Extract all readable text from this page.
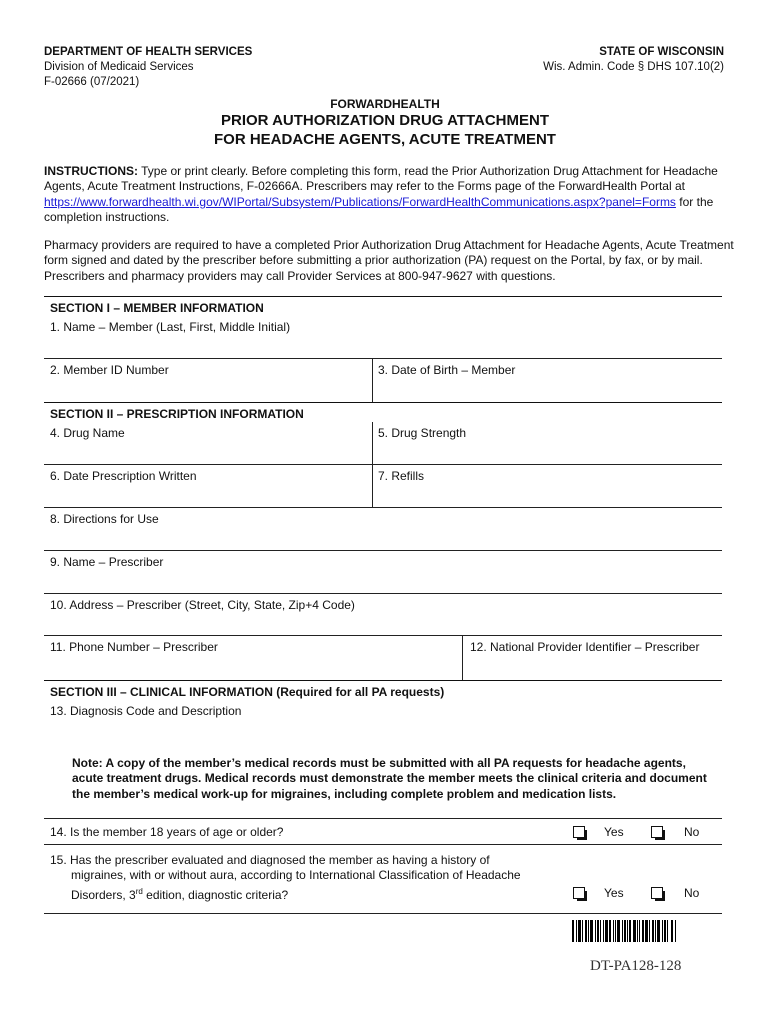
DEPARTMENT OF HEALTH SERVICES
Division of Medicaid Services
F-02666 (07/2021)
STATE OF WISCONSIN
Wis. Admin. Code § DHS 107.10(2)
FORWARDHEALTH
PRIOR AUTHORIZATION DRUG ATTACHMENT
FOR HEADACHE AGENTS, ACUTE TREATMENT
INSTRUCTIONS: Type or print clearly. Before completing this form, read the Prior Authorization Drug Attachment for Headache Agents, Acute Treatment Instructions, F-02666A. Prescribers may refer to the Forms page of the ForwardHealth Portal at https://www.forwardhealth.wi.gov/WIPortal/Subsystem/Publications/ForwardHealthCommunications.aspx?panel=Forms for the completion instructions.
Pharmacy providers are required to have a completed Prior Authorization Drug Attachment for Headache Agents, Acute Treatment form signed and dated by the prescriber before submitting a prior authorization (PA) request on the Portal, by fax, or by mail. Prescribers and pharmacy providers may call Provider Services at 800-947-9627 with questions.
SECTION I – MEMBER INFORMATION
1. Name – Member (Last, First, Middle Initial)
2. Member ID Number	3. Date of Birth – Member
SECTION II – PRESCRIPTION INFORMATION
4. Drug Name	5. Drug Strength
6. Date Prescription Written	7. Refills
8. Directions for Use
9. Name – Prescriber
10. Address – Prescriber (Street, City, State, Zip+4 Code)
11. Phone Number – Prescriber	12. National Provider Identifier – Prescriber
SECTION III – CLINICAL INFORMATION (Required for all PA requests)
13. Diagnosis Code and Description
Note: A copy of the member’s medical records must be submitted with all PA requests for headache agents, acute treatment drugs. Medical records must demonstrate the member meets the clinical criteria and document the member’s medical work-up for migraines, including complete problem and medication lists.
14. Is the member 18 years of age or older?	Yes	No
15. Has the prescriber evaluated and diagnosed the member as having a history of
migraines, with or without aura, according to International Classification of Headache
Disorders, 3rd edition, diagnostic criteria?	Yes	No
DT-PA128-128
